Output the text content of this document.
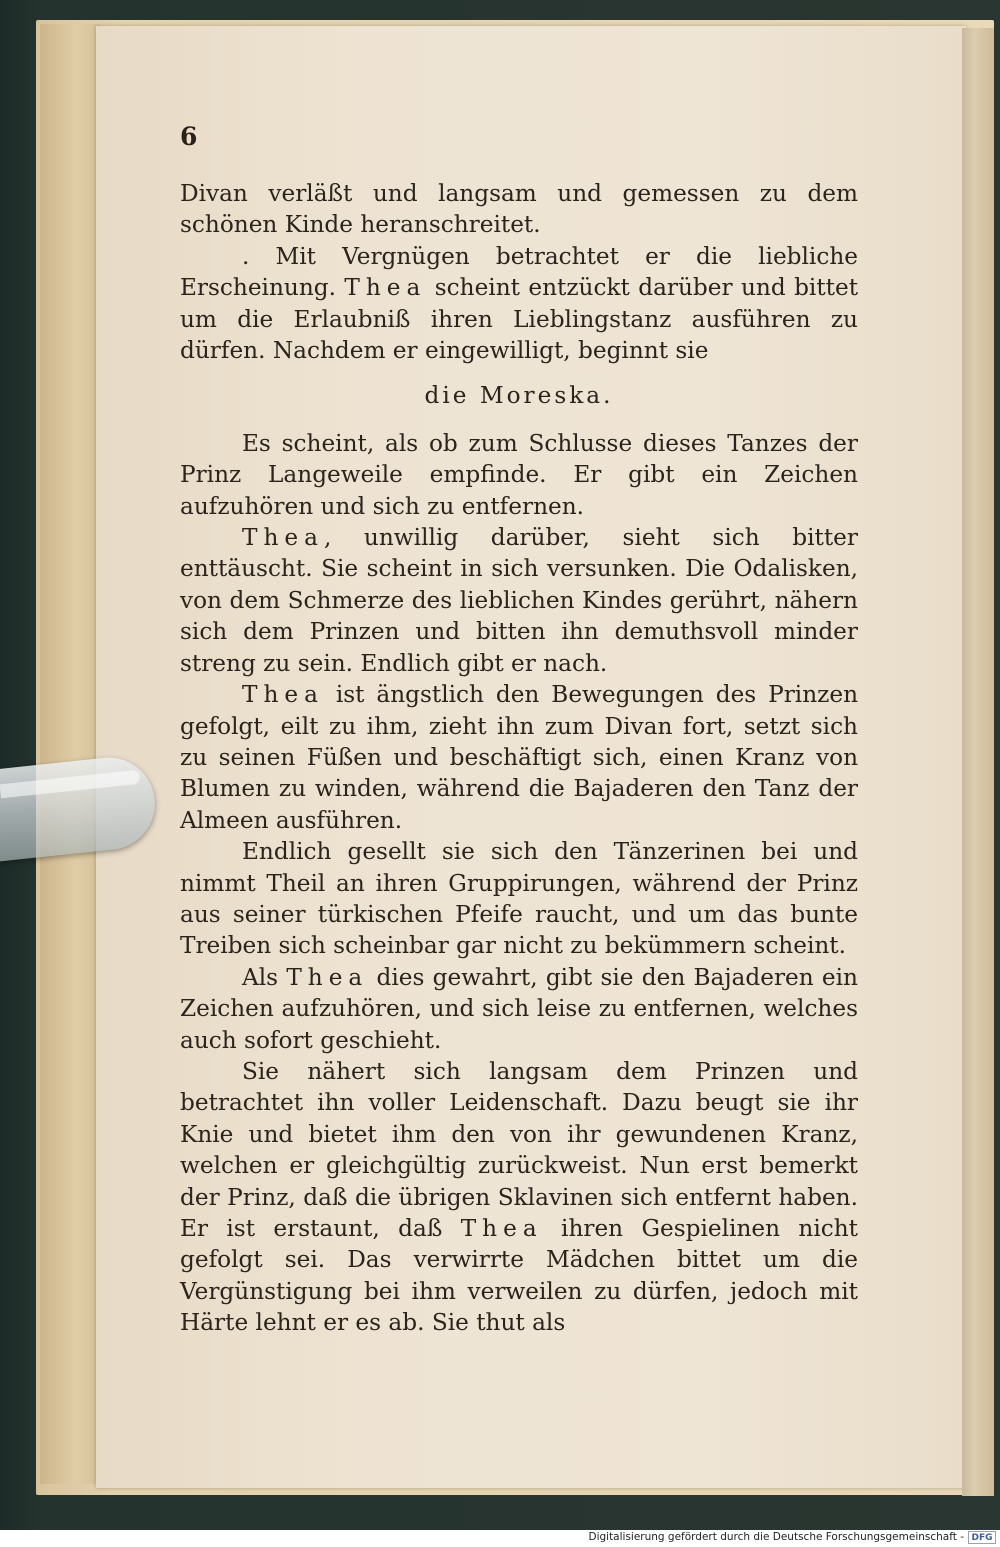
6

Divan verläßt und langsam und gemessen zu dem schönen Kinde heranschreitet.

. Mit Vergnügen betrachtet er die liebliche Erscheinung. Thea scheint entzückt darüber und bittet um die Erlaubniß ihren Lieblingstanz ausführen zu dürfen. Nachdem er eingewilligt, beginnt sie

die Moreska.

Es scheint, als ob zum Schlusse dieses Tanzes der Prinz Langeweile empfinde. Er gibt ein Zeichen aufzuhören und sich zu entfernen.

Thea, unwillig darüber, sieht sich bitter enttäuscht. Sie scheint in sich versunken. Die Odalisken, von dem Schmerze des lieblichen Kindes gerührt, nähern sich dem Prinzen und bitten ihn demuthsvoll minder streng zu sein. Endlich gibt er nach.

Thea ist ängstlich den Bewegungen des Prinzen gefolgt, eilt zu ihm, zieht ihn zum Divan fort, setzt sich zu seinen Füßen und beschäftigt sich, einen Kranz von Blumen zu winden, während die Bajaderen den Tanz der Almeen ausführen.

Endlich gesellt sie sich den Tänzerinen bei und nimmt Theil an ihren Gruppirungen, während der Prinz aus seiner türkischen Pfeife raucht, und um das bunte Treiben sich scheinbar gar nicht zu bekümmern scheint.

Als Thea dies gewahrt, gibt sie den Bajaderen ein Zeichen aufzuhören, und sich leise zu entfernen, welches auch sofort geschieht.

Sie nähert sich langsam dem Prinzen und betrachtet ihn voller Leidenschaft. Dazu beugt sie ihr Knie und bietet ihm den von ihr gewundenen Kranz, welchen er gleichgültig zurückweist. Nun erst bemerkt der Prinz, daß die übrigen Sklavinen sich entfernt haben. Er ist erstaunt, daß Thea ihren Gespielinen nicht gefolgt sei. Das verwirrte Mädchen bittet um die Vergünstigung bei ihm verweilen zu dürfen, jedoch mit Härte lehnt er es ab. Sie thut als

Digitalisierung gefördert durch die Deutsche Forschungsgemeinschaft - DFG
